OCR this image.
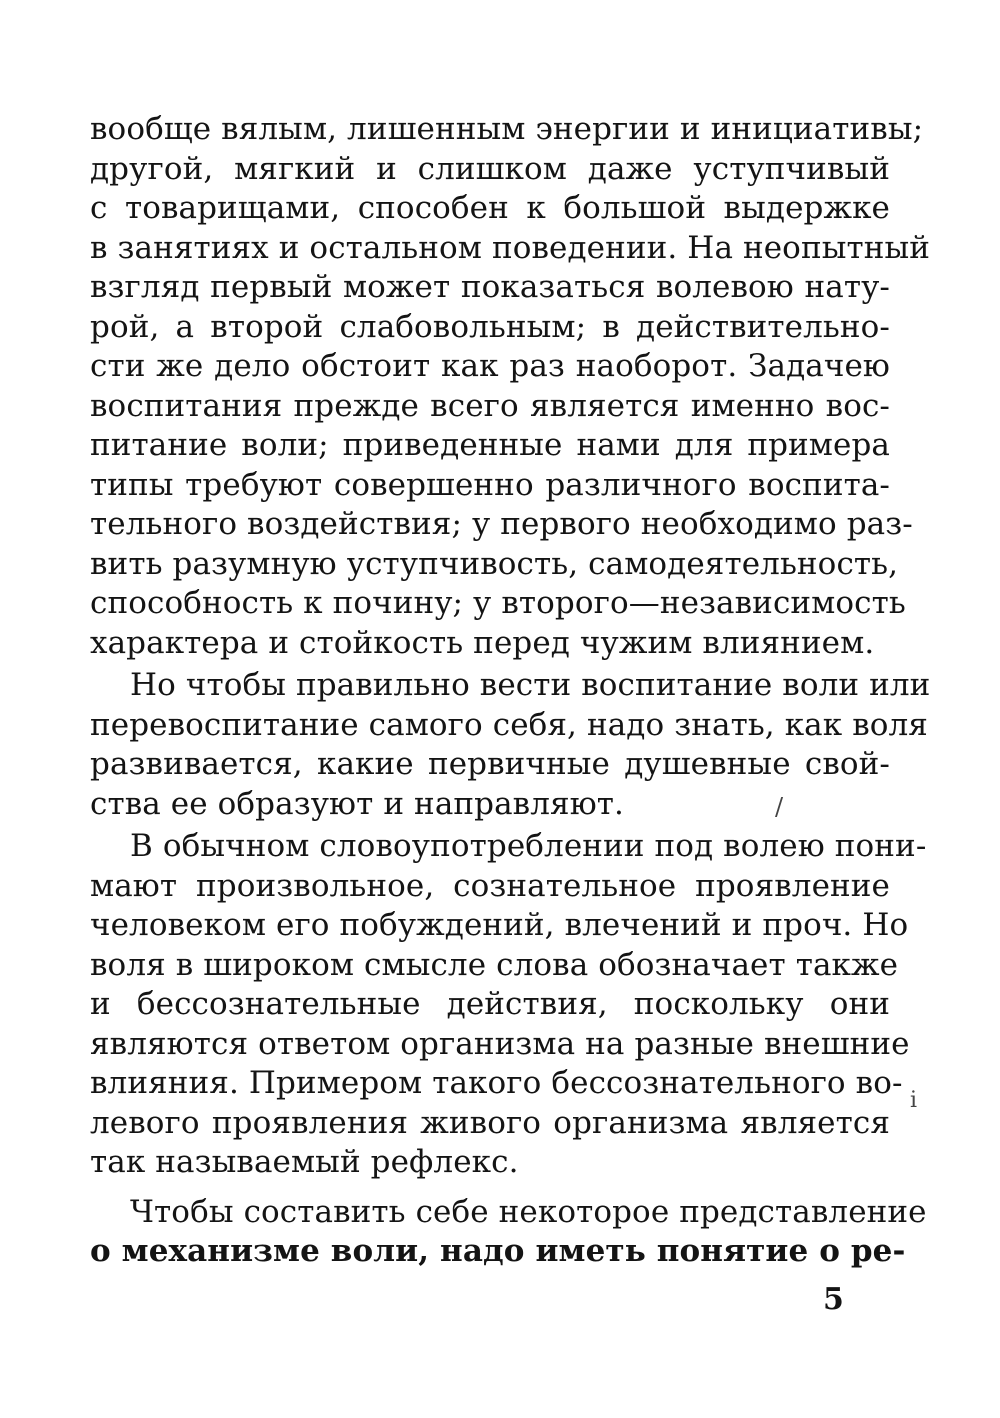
вообще вялым, лишенным энергии и инициативы;
другой, мягкий и слишком даже уступчивый
с товарищами, способен к большой выдержке
в занятиях и остальном поведении. На неопытный
взгляд первый может показаться волевою нату-
рой, а второй слабовольным; в действительно-
сти же дело обстоит как раз наоборот. Задачею
воспитания прежде всего является именно вос-
питание воли; приведенные нами для примера
типы требуют совершенно различного воспита-
тельного воздействия; у первого необходимо раз-
вить разумную уступчивость, самодеятельность,
способность к почину; у второго—независимость
характера и стойкость перед чужим влиянием.
Но чтобы правильно вести воспитание воли или
перевоспитание самого себя, надо знать, как воля
развивается, какие первичные душевные свой-
ства ее образуют и направляют.
В обычном словоупотреблении под волею пони-
мают произвольное, сознательное проявление
человеком его побуждений, влечений и проч. Но
воля в широком смысле слова обозначает также
и бессознательные действия, поскольку они
являются ответом организма на разные внешние
влияния. Примером такого бессознательного во-
левого проявления живого организма является
так называемый рефлекс.
Чтобы составить себе некоторое представление
о механизме воли, надо иметь понятие о ре-
/
i
5
